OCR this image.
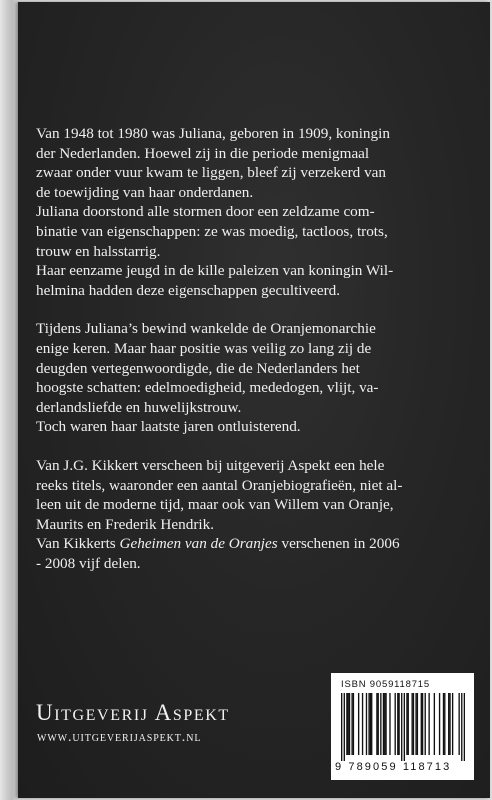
Van 1948 tot 1980 was Juliana, geboren in 1909, koningin
der Nederlanden. Hoewel zij in die periode menigmaal
zwaar onder vuur kwam te liggen, bleef zij verzekerd van
de toewijding van haar onderdanen.
Juliana doorstond alle stormen door een zeldzame com-
binatie van eigenschappen: ze was moedig, tactloos, trots,
trouw en halsstarrig.
Haar eenzame jeugd in de kille paleizen van koningin Wil-
helmina hadden deze eigenschappen gecultiveerd.
Tijdens Juliana’s bewind wankelde de Oranjemonarchie
enige keren. Maar haar positie was veilig zo lang zij de
deugden vertegenwoordigde, die de Nederlanders het
hoogste schatten: edelmoedigheid, mededogen, vlijt, va-
derlandsliefde en huwelijkstrouw.
Toch waren haar laatste jaren ontluisterend.
Van J.G. Kikkert verscheen bij uitgeverij Aspekt een hele
reeks titels, waaronder een aantal Oranjebiografieën, niet al-
leen uit de moderne tijd, maar ook van Willem van Oranje,
Maurits en Frederik Hendrik.
Van Kikkerts Geheimen van de Oranjes verschenen in 2006
- 2008 vijf delen.
Uitgeverij Aspekt
www.uitgeverijaspekt.nl
ISBN 9059118715
9 789059 118713
